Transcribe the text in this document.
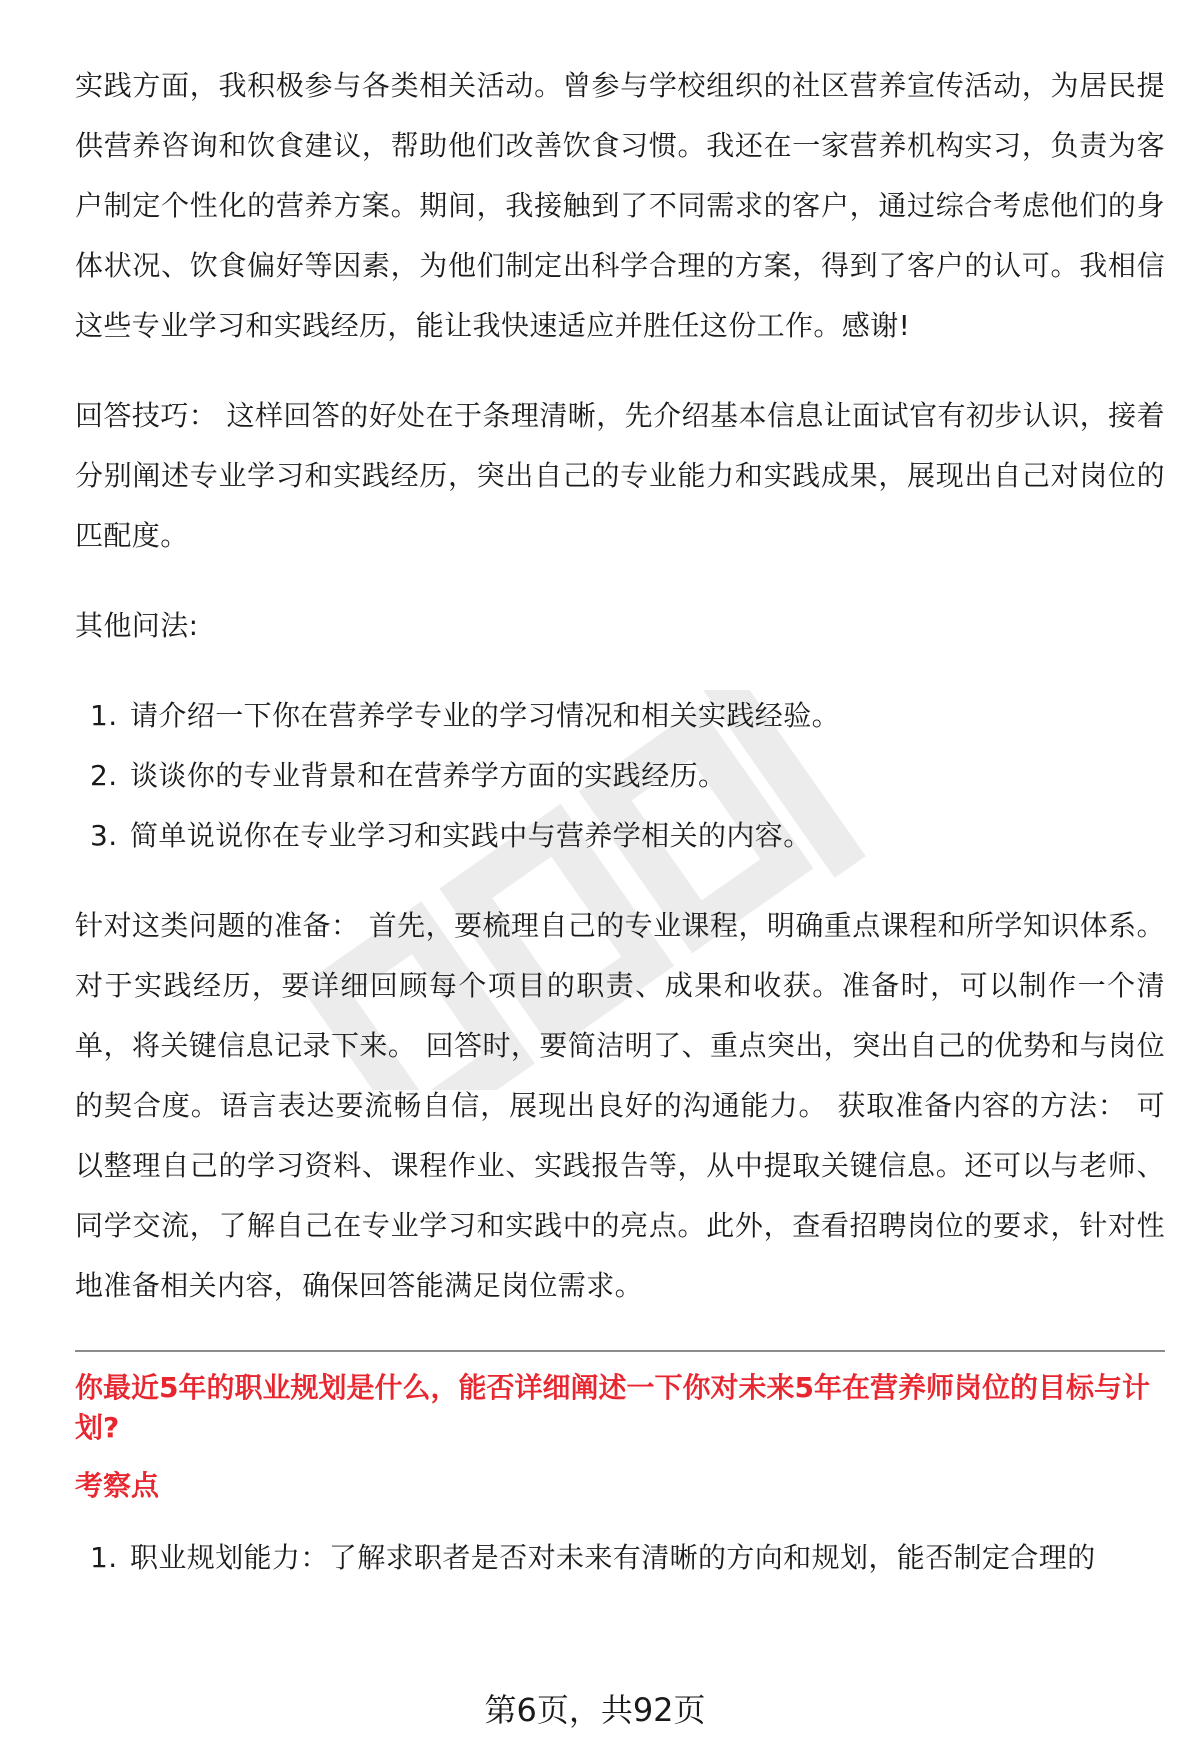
实践方面，我积极参与各类相关活动。曾参与学校组织的社区营养宣传活动，为居民提供营养咨询和饮食建议，帮助他们改善饮食习惯。我还在一家营养机构实习，负责为客户制定个性化的营养方案。期间，我接触到了不同需求的客户，通过综合考虑他们的身体状况、饮食偏好等因素，为他们制定出科学合理的方案，得到了客户的认可。我相信这些专业学习和实践经历，能让我快速适应并胜任这份工作。感谢!

回答技巧： 这样回答的好处在于条理清晰，先介绍基本信息让面试官有初步认识，接着分别阐述专业学习和实践经历，突出自己的专业能力和实践成果，展现出自己对岗位的匹配度。

其他问法:

1. 请介绍一下你在营养学专业的学习情况和相关实践经验。
2. 谈谈你的专业背景和在营养学方面的实践经历。
3. 简单说说你在专业学习和实践中与营养学相关的内容。

针对这类问题的准备： 首先，要梳理自己的专业课程，明确重点课程和所学知识体系。对于实践经历，要详细回顾每个项目的职责、成果和收获。准备时，可以制作一个清单，将关键信息记录下来。 回答时，要简洁明了、重点突出，突出自己的优势和与岗位的契合度。语言表达要流畅自信，展现出良好的沟通能力。 获取准备内容的方法： 可以整理自己的学习资料、课程作业、实践报告等，从中提取关键信息。还可以与老师、同学交流，了解自己在专业学习和实践中的亮点。此外，查看招聘岗位的要求，针对性地准备相关内容，确保回答能满足岗位需求。

你最近5年的职业规划是什么，能否详细阐述一下你对未来5年在营养师岗位的目标与计划?

考察点

1. 职业规划能力：了解求职者是否对未来有清晰的方向和规划，能否制定合理的
第6页，共92页
